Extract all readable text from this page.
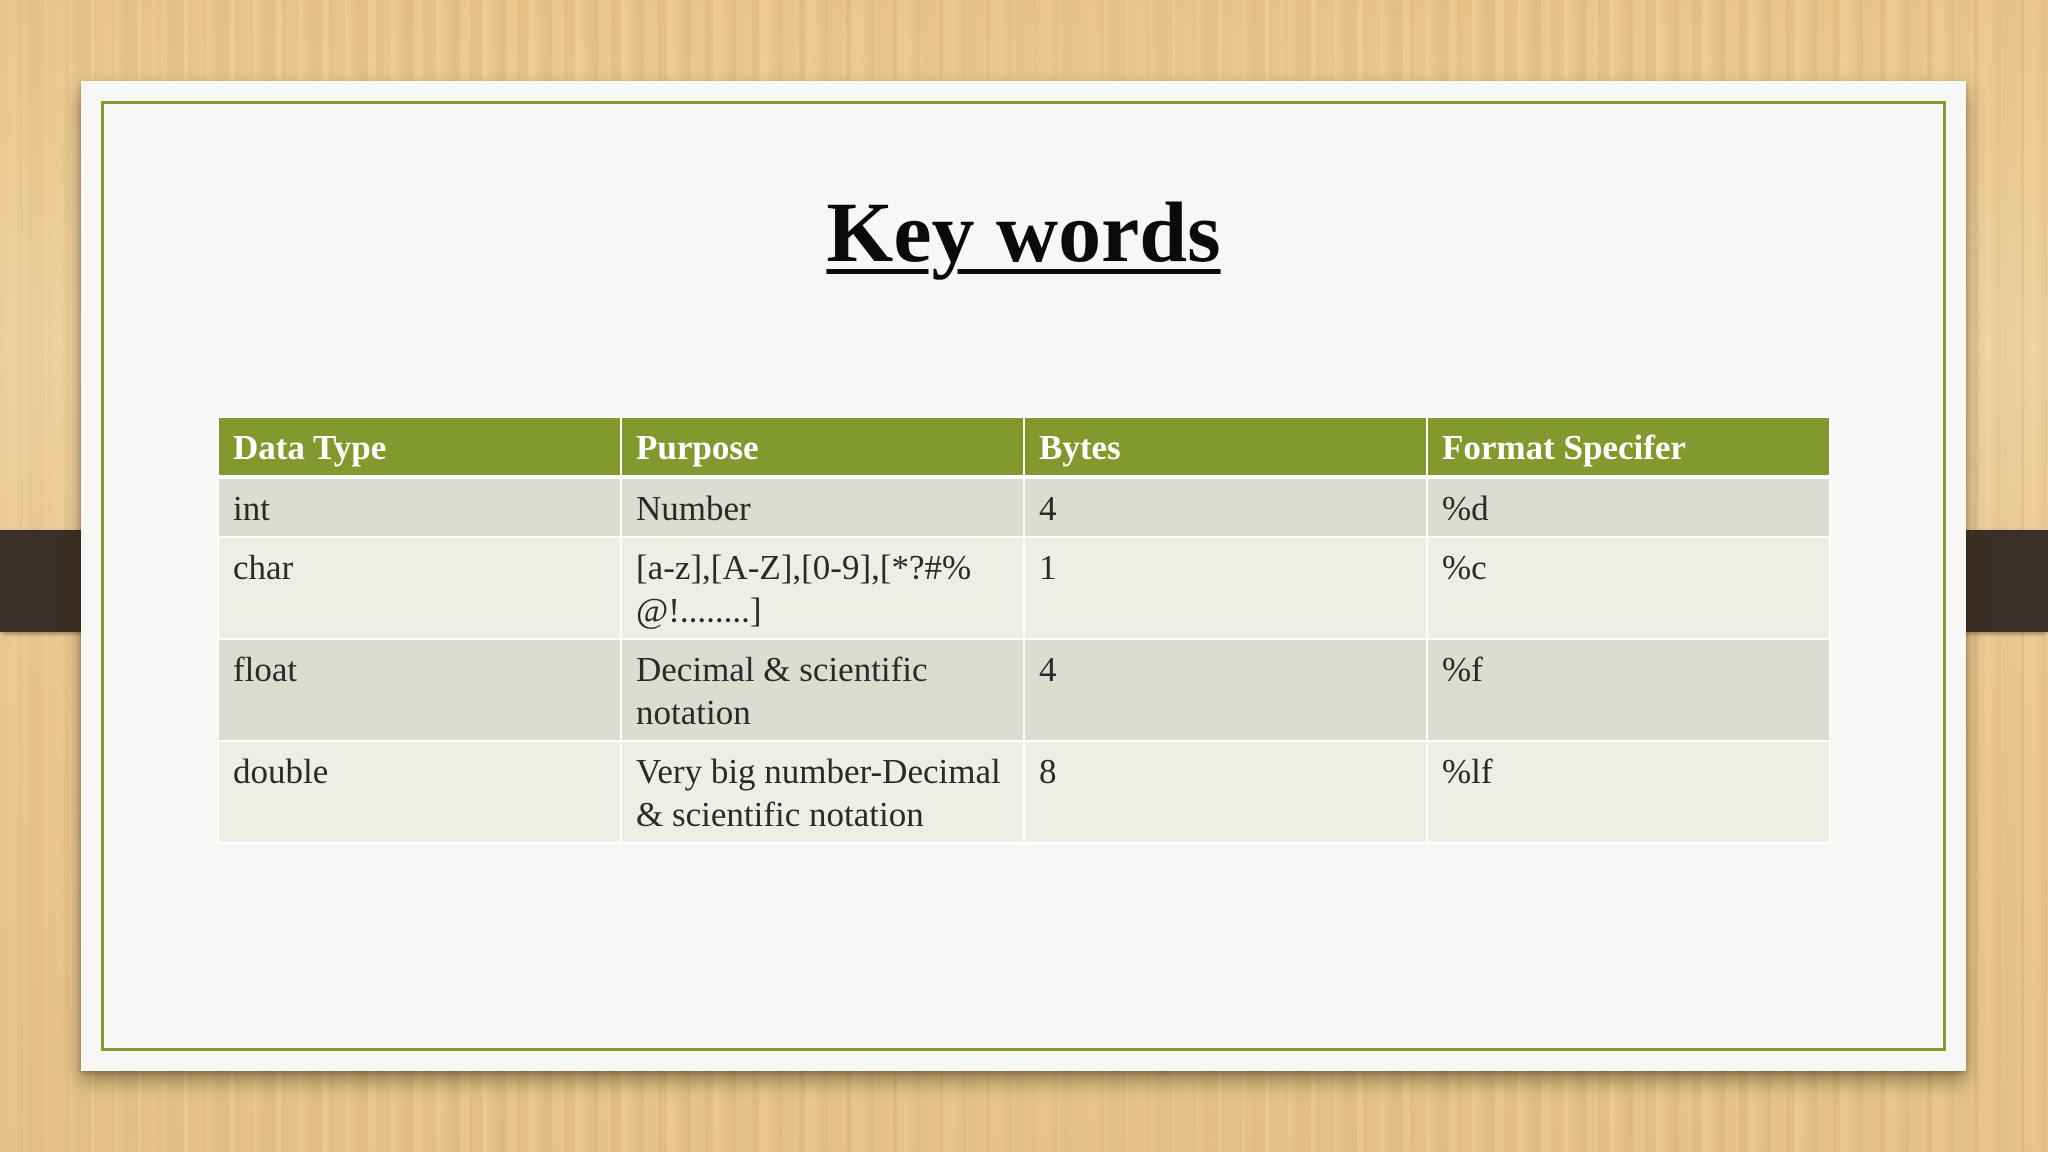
Key words
Data Type	Purpose	Bytes	Format Specifer
int	Number	4	%d
char	[a-z],[A-Z],[0-9],[*?#%@!........]	1	%c
float	Decimal & scientific notation	4	%f
double	Very big number-Decimal & scientific notation	8	%lf
